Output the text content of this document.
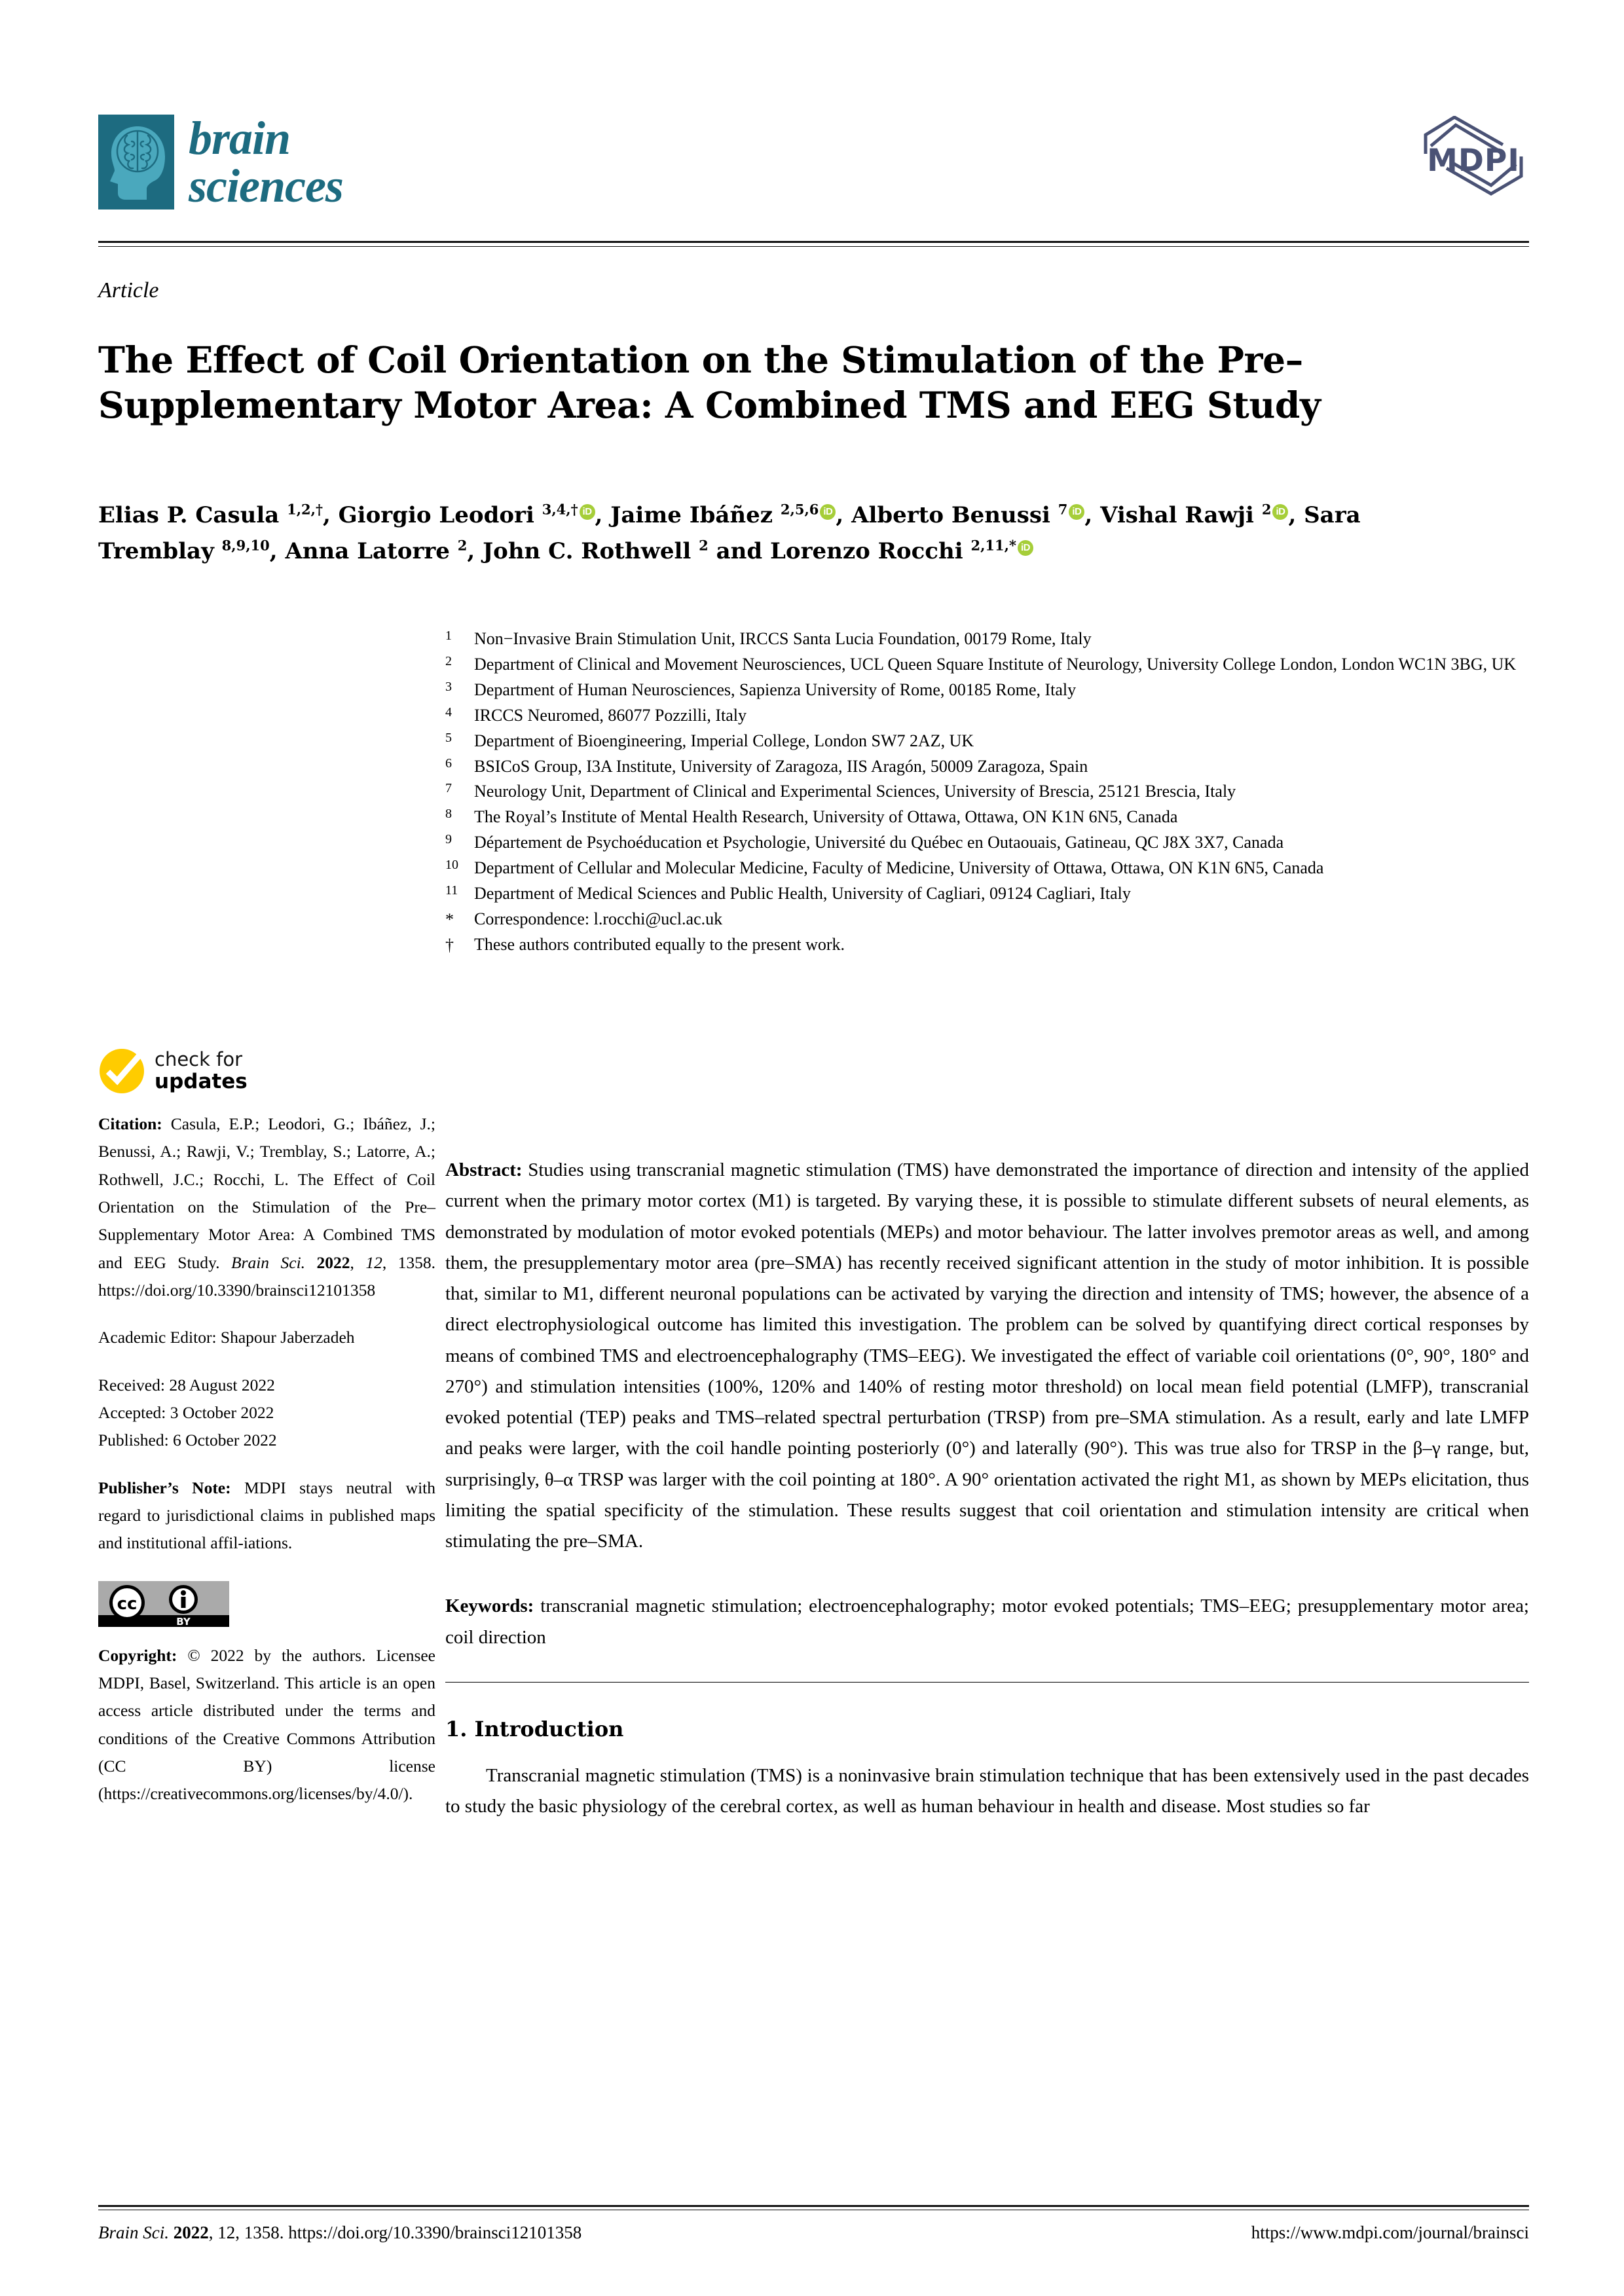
brain
sciences	MDPI
Article
The Effect of Coil Orientation on the Stimulation of the Pre–Supplementary Motor Area: A Combined TMS and EEG Study
Elias P. Casula $^{1,2,\dagger}$, Giorgio Leodori $^{3,4,\dagger}$ iD , Jaime Ibáñez $^{2,5,6}$ iD , Alberto Benussi $^7$ iD , Vishal Rawji $^2$ iD , Sara Tremblay $^{8,9,10}$, Anna Latorre $^2$, John C. Rothwell $^2$ and Lorenzo Rocchi $^{2,11,*}$ iD
1	Non−Invasive Brain Stimulation Unit, IRCCS Santa Lucia Foundation, 00179 Rome, Italy
2	Department of Clinical and Movement Neurosciences, UCL Queen Square Institute of Neurology, University College London, London WC1N 3BG, UK
3	Department of Human Neurosciences, Sapienza University of Rome, 00185 Rome, Italy
4	IRCCS Neuromed, 86077 Pozzilli, Italy
5	Department of Bioengineering, Imperial College, London SW7 2AZ, UK
6	BSICoS Group, I3A Institute, University of Zaragoza, IIS Aragón, 50009 Zaragoza, Spain
7	Neurology Unit, Department of Clinical and Experimental Sciences, University of Brescia, 25121 Brescia, Italy
8	The Royal’s Institute of Mental Health Research, University of Ottawa, Ottawa, ON K1N 6N5, Canada
9	Département de Psychoéducation et Psychologie, Université du Québec en Outaouais, Gatineau, QC J8X 3X7, Canada
10 Department of Cellular and Molecular Medicine, Faculty of Medicine, University of Ottawa, Ottawa, ON K1N 6N5, Canada
11 Department of Medical Sciences and Public Health, University of Cagliari, 09124 Cagliari, Italy
*	Correspondence: l.rocchi@ucl.ac.uk
†	These authors contributed equally to the present work.
check for
updates
Citation: Casula, E.P.; Leodori, G.; Ibáñez, J.; Benussi, A.; Rawji, V.; Tremblay, S.; Latorre, A.; Rothwell, J.C.; Rocchi, L. The Effect of Coil Orientation on the Stimulation of the Pre–Supplementary Motor Area: A Combined TMS and EEG Study. Brain Sci. 2022, 12, 1358. https://doi.org/10.3390/brainsci12101358
Academic Editor: Shapour Jaberzadeh
Received: 28 August 2022
Accepted: 3 October 2022
Published: 6 October 2022
Publisher’s Note: MDPI stays neutral with regard to jurisdictional claims in published maps and institutional affil-iations.
cc
BY
Copyright: © 2022 by the authors. Licensee MDPI, Basel, Switzerland. This article is an open access article distributed under the terms and conditions of the Creative Commons Attribution (CC BY) license (https://creativecommons.org/licenses/by/4.0/).

Abstract: Studies using transcranial magnetic stimulation (TMS) have demonstrated the importance of direction and intensity of the applied current when the primary motor cortex (M1) is targeted. By varying these, it is possible to stimulate different subsets of neural elements, as demonstrated by modulation of motor evoked potentials (MEPs) and motor behaviour. The latter involves premotor areas as well, and among them, the presupplementary motor area (pre–SMA) has recently received significant attention in the study of motor inhibition. It is possible that, similar to M1, different neuronal populations can be activated by varying the direction and intensity of TMS; however, the absence of a direct electrophysiological outcome has limited this investigation. The problem can be solved by quantifying direct cortical responses by means of combined TMS and electroencephalography (TMS–EEG). We investigated the effect of variable coil orientations (0°, 90°, 180° and 270°) and stimulation intensities (100%, 120% and 140% of resting motor threshold) on local mean field potential (LMFP), transcranial evoked potential (TEP) peaks and TMS–related spectral perturbation (TRSP) from pre–SMA stimulation. As a result, early and late LMFP and peaks were larger, with the coil handle pointing posteriorly (0°) and laterally (90°). This was true also for TRSP in the β–γ range, but, surprisingly, θ–α TRSP was larger with the coil pointing at 180°. A 90° orientation activated the right M1, as shown by MEPs elicitation, thus limiting the spatial specificity of the stimulation. These results suggest that coil orientation and stimulation intensity are critical when stimulating the pre–SMA.

Keywords: transcranial magnetic stimulation; electroencephalography; motor evoked potentials; TMS–EEG; presupplementary motor area; coil direction

1. Introduction

Transcranial magnetic stimulation (TMS) is a noninvasive brain stimulation technique that has been extensively used in the past decades to study the basic physiology of the cerebral cortex, as well as human behaviour in health and disease. Most studies so far

Brain Sci. 2022, 12, 1358. https://doi.org/10.3390/brainsci12101358	https://www.mdpi.com/journal/brainsci
